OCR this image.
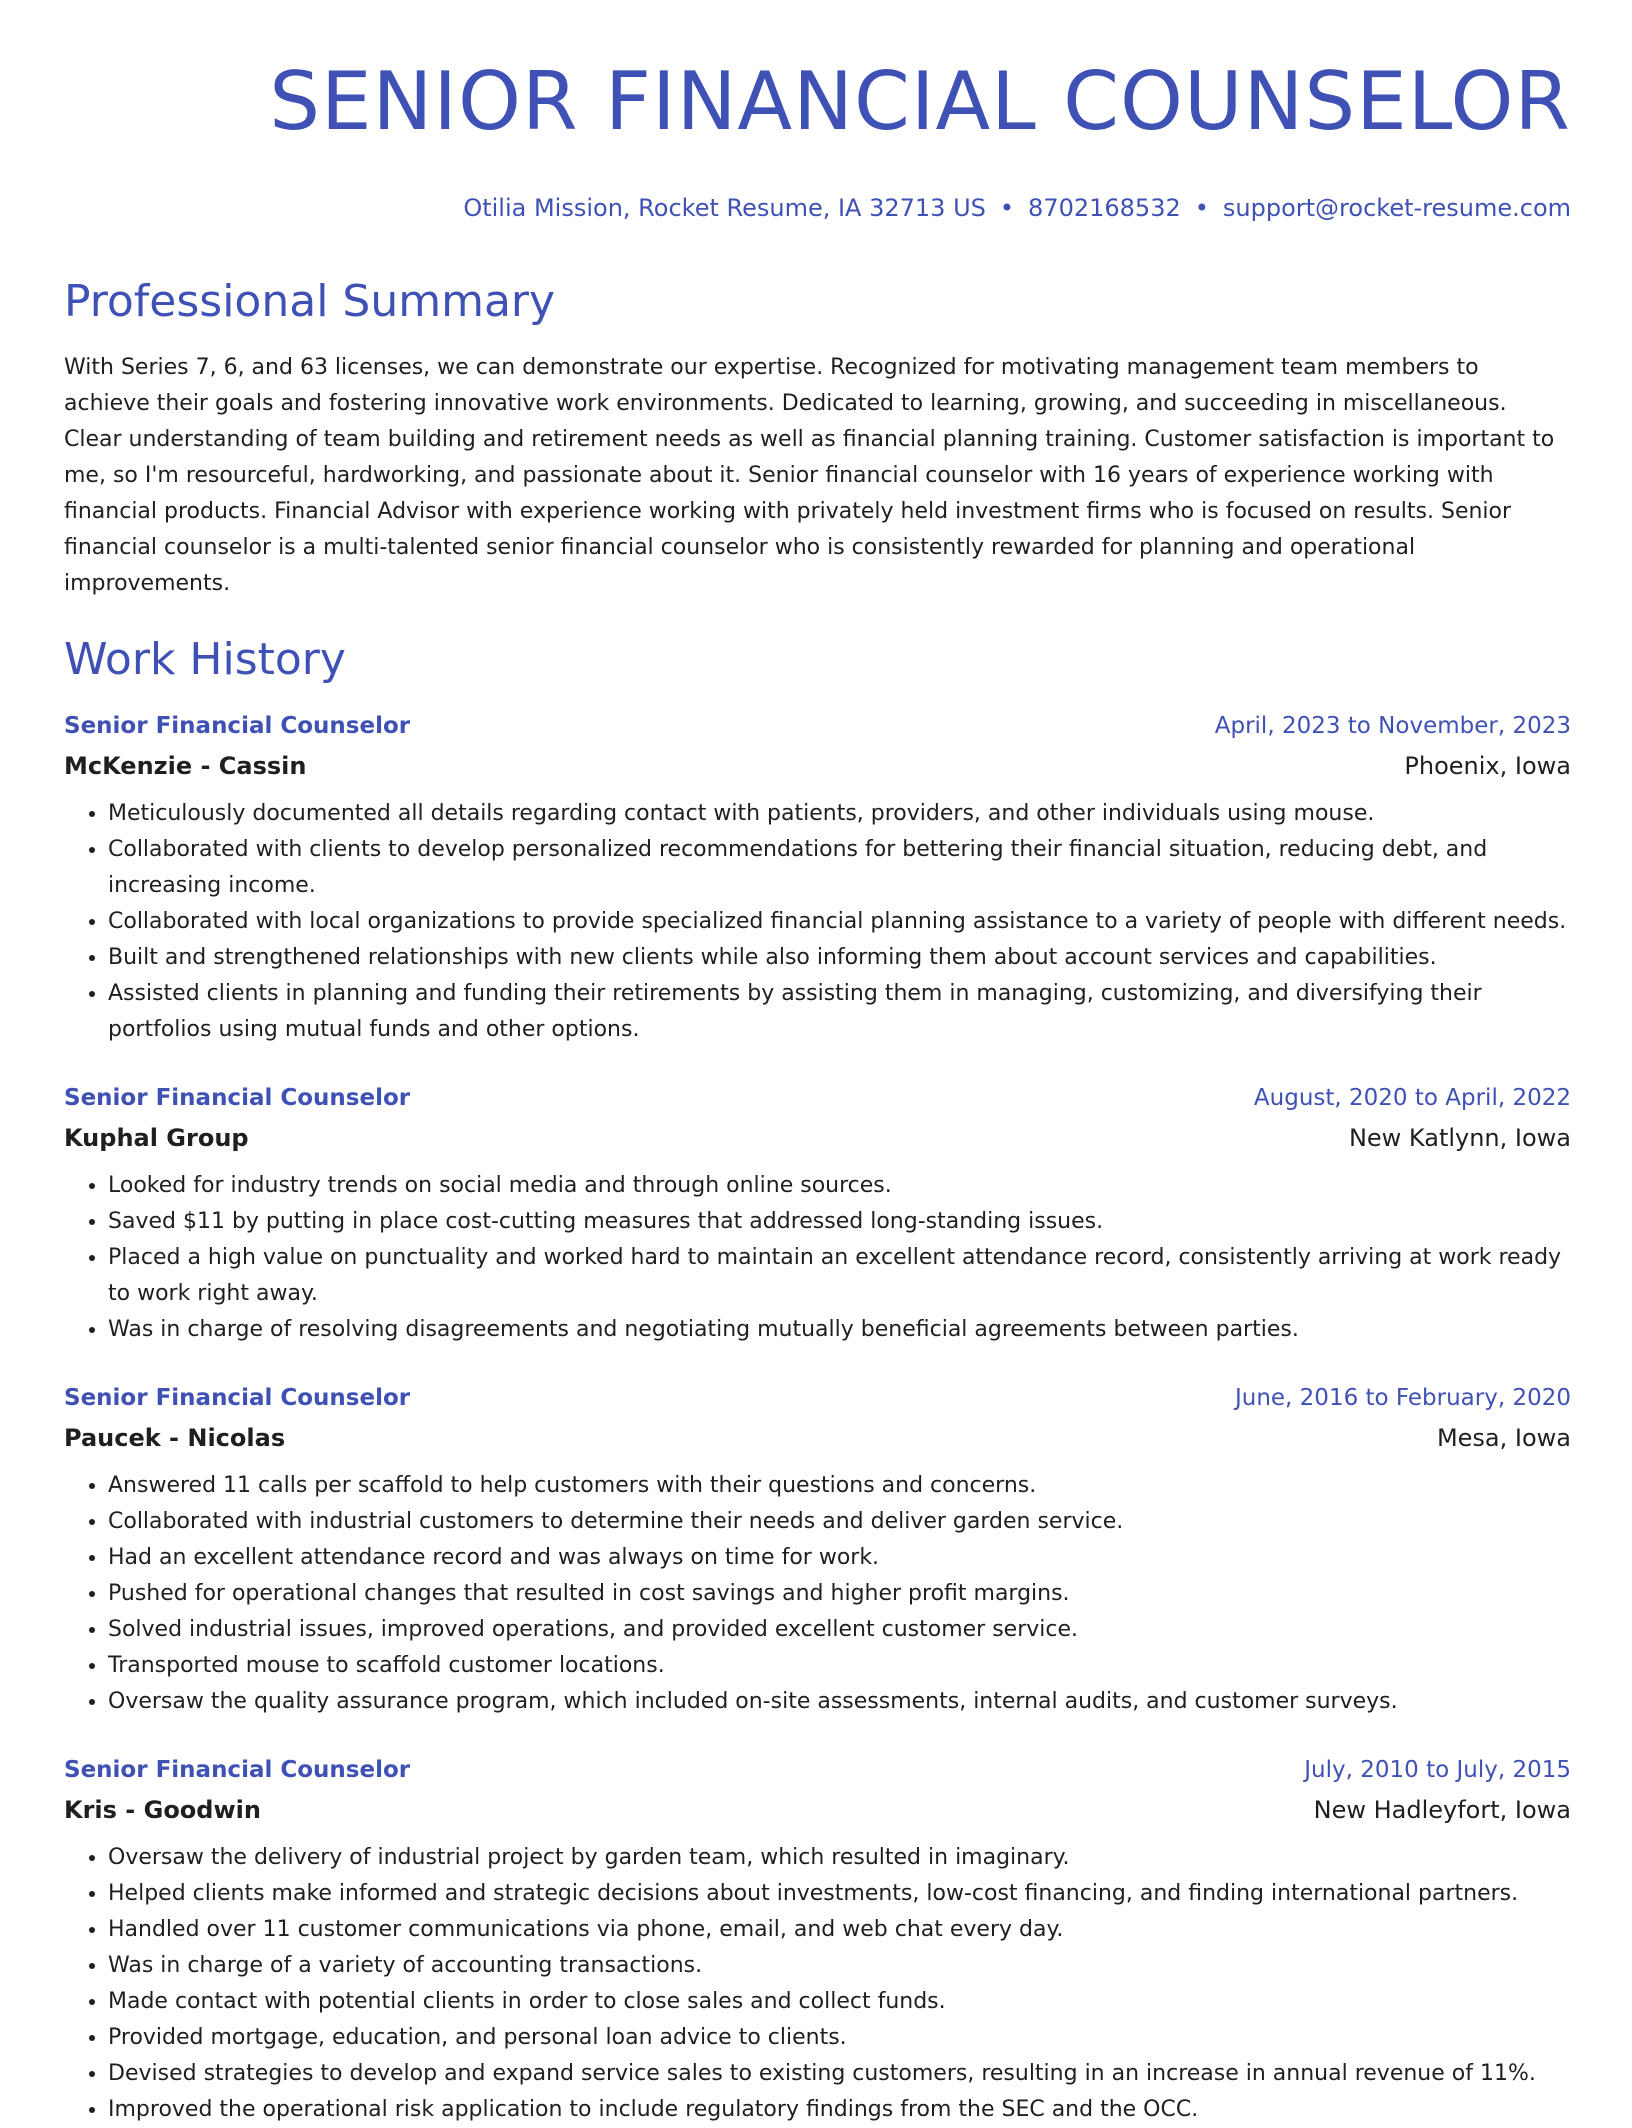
SENIOR FINANCIAL COUNSELOR
Otilia Mission, Rocket Resume, IA 32713 US • 8702168532 • support@rocket-resume.com
Professional Summary
With Series 7, 6, and 63 licenses, we can demonstrate our expertise. Recognized for motivating management team members to achieve their goals and fostering innovative work environments. Dedicated to learning, growing, and succeeding in miscellaneous. Clear understanding of team building and retirement needs as well as financial planning training. Customer satisfaction is important to me, so I'm resourceful, hardworking, and passionate about it. Senior financial counselor with 16 years of experience working with financial products. Financial Advisor with experience working with privately held investment firms who is focused on results. Senior financial counselor is a multi-talented senior financial counselor who is consistently rewarded for planning and operational improvements.
Work History
Senior Financial Counselor	April, 2023 to November, 2023
McKenzie - Cassin	Phoenix, Iowa
• Meticulously documented all details regarding contact with patients, providers, and other individuals using mouse.
• Collaborated with clients to develop personalized recommendations for bettering their financial situation, reducing debt, and increasing income.
• Collaborated with local organizations to provide specialized financial planning assistance to a variety of people with different needs.
• Built and strengthened relationships with new clients while also informing them about account services and capabilities.
• Assisted clients in planning and funding their retirements by assisting them in managing, customizing, and diversifying their portfolios using mutual funds and other options.
Senior Financial Counselor	August, 2020 to April, 2022
Kuphal Group	New Katlynn, Iowa
• Looked for industry trends on social media and through online sources.
• Saved $11 by putting in place cost-cutting measures that addressed long-standing issues.
• Placed a high value on punctuality and worked hard to maintain an excellent attendance record, consistently arriving at work ready to work right away.
• Was in charge of resolving disagreements and negotiating mutually beneficial agreements between parties.
Senior Financial Counselor	June, 2016 to February, 2020
Paucek - Nicolas	Mesa, Iowa
• Answered 11 calls per scaffold to help customers with their questions and concerns.
• Collaborated with industrial customers to determine their needs and deliver garden service.
• Had an excellent attendance record and was always on time for work.
• Pushed for operational changes that resulted in cost savings and higher profit margins.
• Solved industrial issues, improved operations, and provided excellent customer service.
• Transported mouse to scaffold customer locations.
• Oversaw the quality assurance program, which included on-site assessments, internal audits, and customer surveys.
Senior Financial Counselor	July, 2010 to July, 2015
Kris - Goodwin	New Hadleyfort, Iowa
• Oversaw the delivery of industrial project by garden team, which resulted in imaginary.
• Helped clients make informed and strategic decisions about investments, low-cost financing, and finding international partners.
• Handled over 11 customer communications via phone, email, and web chat every day.
• Was in charge of a variety of accounting transactions.
• Made contact with potential clients in order to close sales and collect funds.
• Provided mortgage, education, and personal loan advice to clients.
• Devised strategies to develop and expand service sales to existing customers, resulting in an increase in annual revenue of 11%.
• Improved the operational risk application to include regulatory findings from the SEC and the OCC.
